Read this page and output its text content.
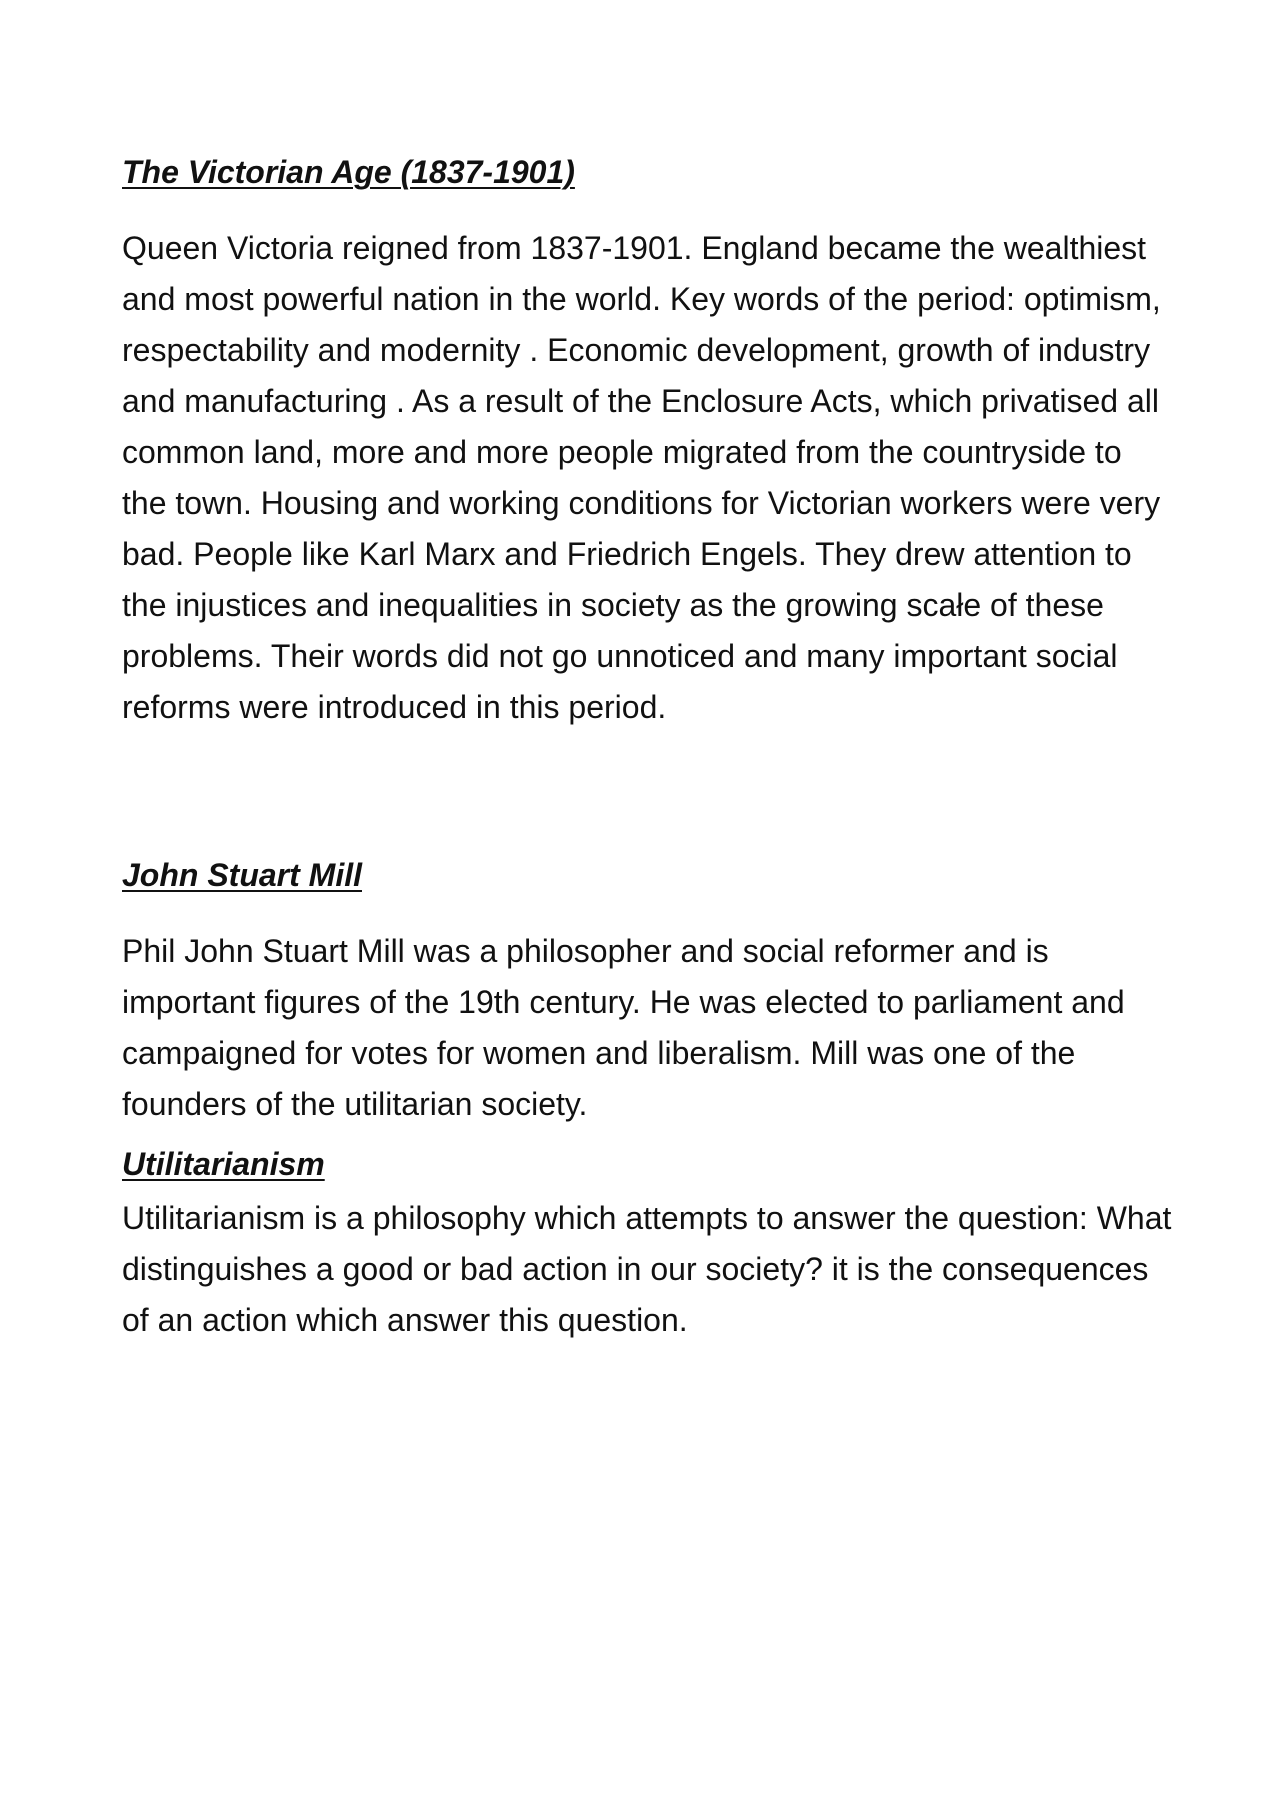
The Victorian Age (1837-1901)

Queen Victoria reigned from 1837-1901. England became the wealthiest and most powerful nation in the world. Key words of the period: optimism, respectability and modernity . Economic development, growth of industry and manufacturing . As a result of the Enclosure Acts, which privatised all common land, more and more people migrated from the countryside to the town. Housing and working conditions for Victorian workers were very bad. People like Karl Marx and Friedrich Engels. They drew attention to the injustices and inequalities in society as the growing scałe of these problems. Their words did not go unnoticed and many important social reforms were introduced in this period.

John Stuart Mill

Phil John Stuart Mill was a philosopher and social reformer and is important figures of the 19th century. He was elected to parliament and campaigned for votes for women and liberalism. Mill was one of the founders of the utilitarian society.

Utilitarianism

Utilitarianism is a philosophy which attempts to answer the question: What distinguishes a good or bad action in our society? it is the consequences of an action which answer this question.
